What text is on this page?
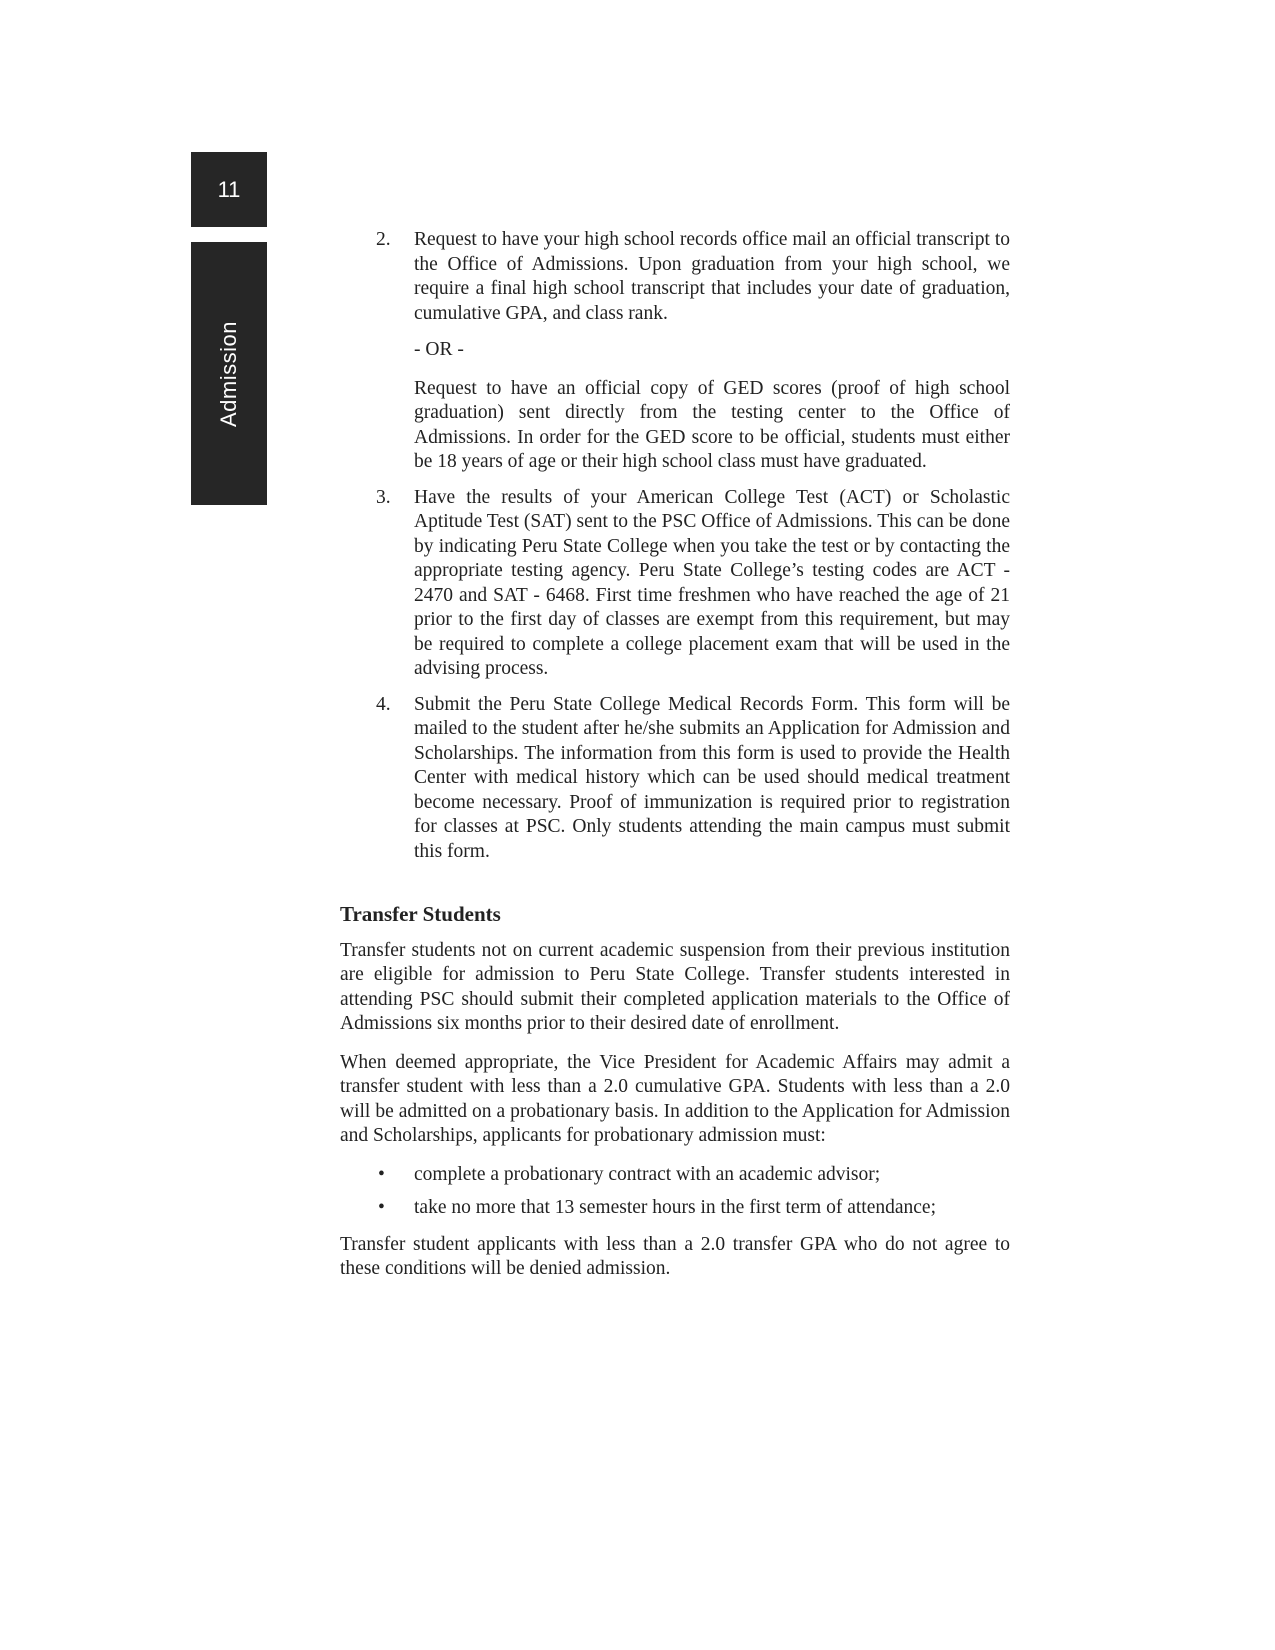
11
Admission
2. Request to have your high school records office mail an official transcript to the Office of Admissions. Upon graduation from your high school, we require a final high school transcript that includes your date of graduation, cumulative GPA, and class rank.

- OR -

Request to have an official copy of GED scores (proof of high school graduation) sent directly from the testing center to the Office of Admissions. In order for the GED score to be official, students must either be 18 years of age or their high school class must have graduated.

3. Have the results of your American College Test (ACT) or Scholastic Aptitude Test (SAT) sent to the PSC Office of Admissions. This can be done by indicating Peru State College when you take the test or by contacting the appropriate testing agency. Peru State College’s testing codes are ACT - 2470 and SAT - 6468. First time freshmen who have reached the age of 21 prior to the first day of classes are exempt from this requirement, but may be required to complete a college placement exam that will be used in the advising process.

4. Submit the Peru State College Medical Records Form. This form will be mailed to the student after he/she submits an Application for Admission and Scholarships. The information from this form is used to provide the Health Center with medical history which can be used should medical treatment become necessary. Proof of immunization is required prior to registration for classes at PSC. Only students attending the main campus must submit this form.

Transfer Students

Transfer students not on current academic suspension from their previous institution are eligible for admission to Peru State College. Transfer students interested in attending PSC should submit their completed application materials to the Office of Admissions six months prior to their desired date of enrollment.

When deemed appropriate, the Vice President for Academic Affairs may admit a transfer student with less than a 2.0 cumulative GPA. Students with less than a 2.0 will be admitted on a probationary basis. In addition to the Application for Admission and Scholarships, applicants for probationary admission must:

• complete a probationary contract with an academic advisor;
• take no more that 13 semester hours in the first term of attendance;

Transfer student applicants with less than a 2.0 transfer GPA who do not agree to these conditions will be denied admission.
